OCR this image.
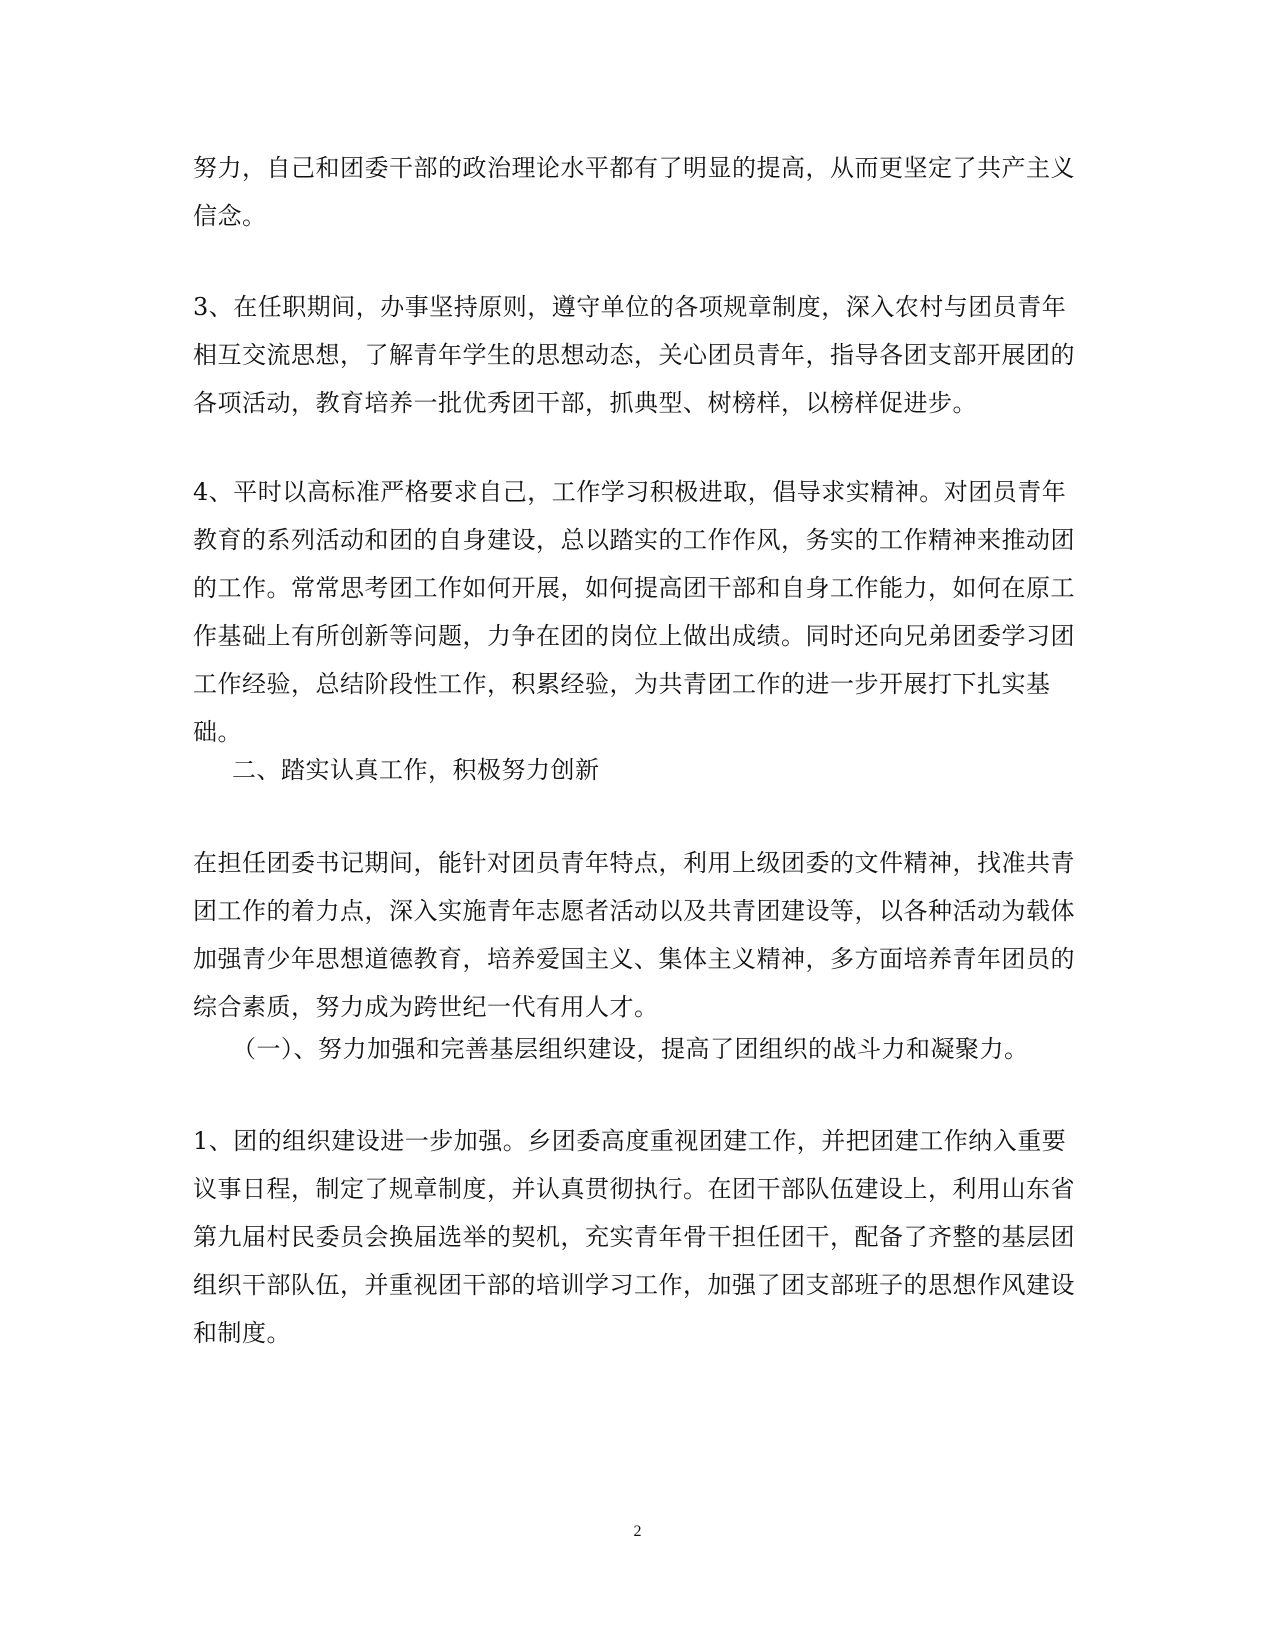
努力，自己和团委干部的政治理论水平都有了明显的提高，从而更坚定了共产主义信念。

3、在任职期间，办事坚持原则，遵守单位的各项规章制度，深入农村与团员青年相互交流思想，了解青年学生的思想动态，关心团员青年，指导各团支部开展团的各项活动，教育培养一批优秀团干部，抓典型、树榜样，以榜样促进步。

4、平时以高标准严格要求自己，工作学习积极进取，倡导求实精神。对团员青年教育的系列活动和团的自身建设，总以踏实的工作作风，务实的工作精神来推动团的工作。常常思考团工作如何开展，如何提高团干部和自身工作能力，如何在原工作基础上有所创新等问题，力争在团的岗位上做出成绩。同时还向兄弟团委学习团工作经验，总结阶段性工作，积累经验，为共青团工作的进一步开展打下扎实基础。

二、踏实认真工作，积极努力创新

在担任团委书记期间，能针对团员青年特点，利用上级团委的文件精神，找准共青团工作的着力点，深入实施青年志愿者活动以及共青团建设等，以各种活动为载体加强青少年思想道德教育，培养爱国主义、集体主义精神，多方面培养青年团员的综合素质，努力成为跨世纪一代有用人才。

（一）、努力加强和完善基层组织建设，提高了团组织的战斗力和凝聚力。

1、团的组织建设进一步加强。乡团委高度重视团建工作，并把团建工作纳入重要议事日程，制定了规章制度，并认真贯彻执行。在团干部队伍建设上，利用山东省第九届村民委员会换届选举的契机，充实青年骨干担任团干，配备了齐整的基层团组织干部队伍，并重视团干部的培训学习工作，加强了团支部班子的思想作风建设和制度。

2
